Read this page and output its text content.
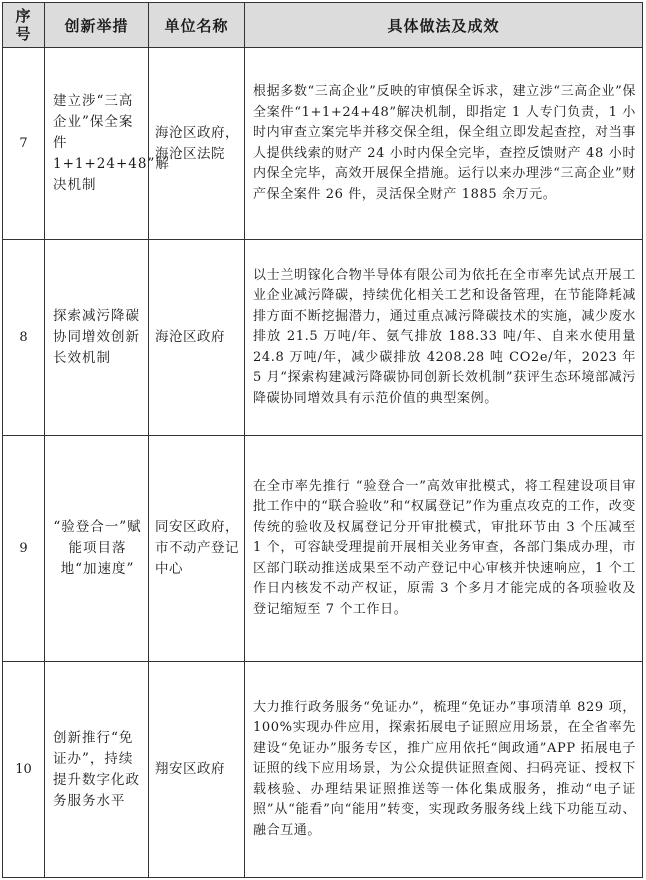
序
号	创新举措	单位名称	具体做法及成效
7	建立涉“三高企业”保全案件 1+1+24+48”解决机制	海沧区政府，海沧区法院	根据多数“三高企业”反映的审慎保全诉求，建立涉“三高企业”保全案件“1+1+24+48”解决机制，即指定 1 人专门负责，1 小时内审查立案完毕并移交保全组，保全组立即发起查控，对当事人提供线索的财产 24 小时内保全完毕，查控反馈财产 48 小时内保全完毕，高效开展保全措施。运行以来办理涉“三高企业”财产保全案件 26 件，灵活保全财产 1885 余万元。
8	探索减污降碳协同增效创新长效机制	海沧区政府	以士兰明镓化合物半导体有限公司为依托在全市率先试点开展工业企业减污降碳，持续优化相关工艺和设备管理，在节能降耗减排方面不断挖掘潜力，通过重点减污降碳技术的实施，减少废水排放 21.5 万吨/年、氨气排放 188.33 吨/年、自来水使用量 24.8 万吨/年，减少碳排放 4208.28 吨 CO2e/年，2023 年 5 月“探索构建减污降碳协同创新长效机制”获评生态环境部减污降碳协同增效具有示范价值的典型案例。
9	“验登合一”赋能项目落地“加速度”	同安区政府，市不动产登记中心	在全市率先推行 “验登合一”高效审批模式，将工程建设项目审批工作中的“联合验收”和“权属登记”作为重点攻克的工作，改变传统的验收及权属登记分开审批模式，审批环节由 3 个压减至 1 个，可容缺受理提前开展相关业务审查，各部门集成办理，市区部门联动推送成果至不动产登记中心审核并快速响应，1 个工作日内核发不动产权证，原需 3 个多月才能完成的各项验收及登记缩短至 7 个工作日。
10	创新推行“免证办”，持续提升数字化政务服务水平	翔安区政府	大力推行政务服务“免证办”，梳理“免证办”事项清单 829 项，100%实现办件应用，探索拓展电子证照应用场景，在全省率先建设“免证办”服务专区，推广应用依托“闽政通”APP 拓展电子证照的线下应用场景，为公众提供证照查阅、扫码亮证、授权下载核验、办理结果证照推送等一体化集成服务，推动“电子证照”从“能看”向“能用”转变，实现政务服务线上线下功能互动、融合互通。
